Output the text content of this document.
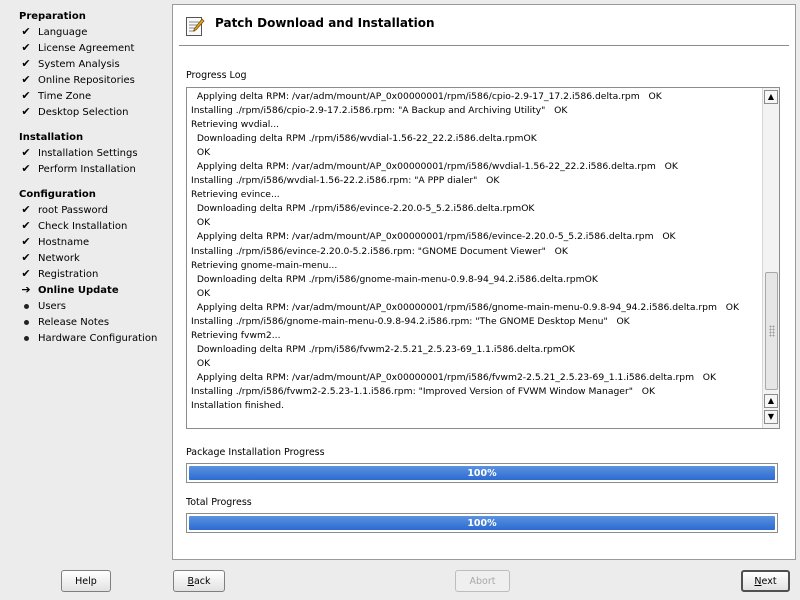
Preparation
✔ Language
✔ License Agreement
✔ System Analysis
✔ Online Repositories
✔ Time Zone
✔ Desktop Selection
Installation
✔ Installation Settings
✔ Perform Installation
Configuration
✔ root Password
✔ Check Installation
✔ Hostname
✔ Network
✔ Registration
➔ Online Update
Users
Release Notes
Hardware Configuration
Patch Download and Installation
Progress Log
Applying delta RPM: /var/adm/mount/AP_0x00000001/rpm/i586/cpio-2.9-17_17.2.i586.delta.rpm   OK
Installing ./rpm/i586/cpio-2.9-17.2.i586.rpm: "A Backup and Archiving Utility"   OK
Retrieving wvdial...
Downloading delta RPM ./rpm/i586/wvdial-1.56-22_22.2.i586.delta.rpmOK
OK
Applying delta RPM: /var/adm/mount/AP_0x00000001/rpm/i586/wvdial-1.56-22_22.2.i586.delta.rpm   OK
Installing ./rpm/i586/wvdial-1.56-22.2.i586.rpm: "A PPP dialer"   OK
Retrieving evince...
Downloading delta RPM ./rpm/i586/evince-2.20.0-5_5.2.i586.delta.rpmOK
OK
Applying delta RPM: /var/adm/mount/AP_0x00000001/rpm/i586/evince-2.20.0-5_5.2.i586.delta.rpm   OK
Installing ./rpm/i586/evince-2.20.0-5.2.i586.rpm: "GNOME Document Viewer"   OK
Retrieving gnome-main-menu...
Downloading delta RPM ./rpm/i586/gnome-main-menu-0.9.8-94_94.2.i586.delta.rpmOK
OK
Applying delta RPM: /var/adm/mount/AP_0x00000001/rpm/i586/gnome-main-menu-0.9.8-94_94.2.i586.delta.rpm   OK
Installing ./rpm/i586/gnome-main-menu-0.9.8-94.2.i586.rpm: "The GNOME Desktop Menu"   OK
Retrieving fvwm2...
Downloading delta RPM ./rpm/i586/fvwm2-2.5.21_2.5.23-69_1.1.i586.delta.rpmOK
OK
Applying delta RPM: /var/adm/mount/AP_0x00000001/rpm/i586/fvwm2-2.5.21_2.5.23-69_1.1.i586.delta.rpm   OK
Installing ./rpm/i586/fvwm2-2.5.23-1.1.i586.rpm: "Improved Version of FVWM Window Manager"   OK
Installation finished.
▲
▲
▼
Package Installation Progress
100%
Total Progress
100%
Help	B ack	Abort	N ext
